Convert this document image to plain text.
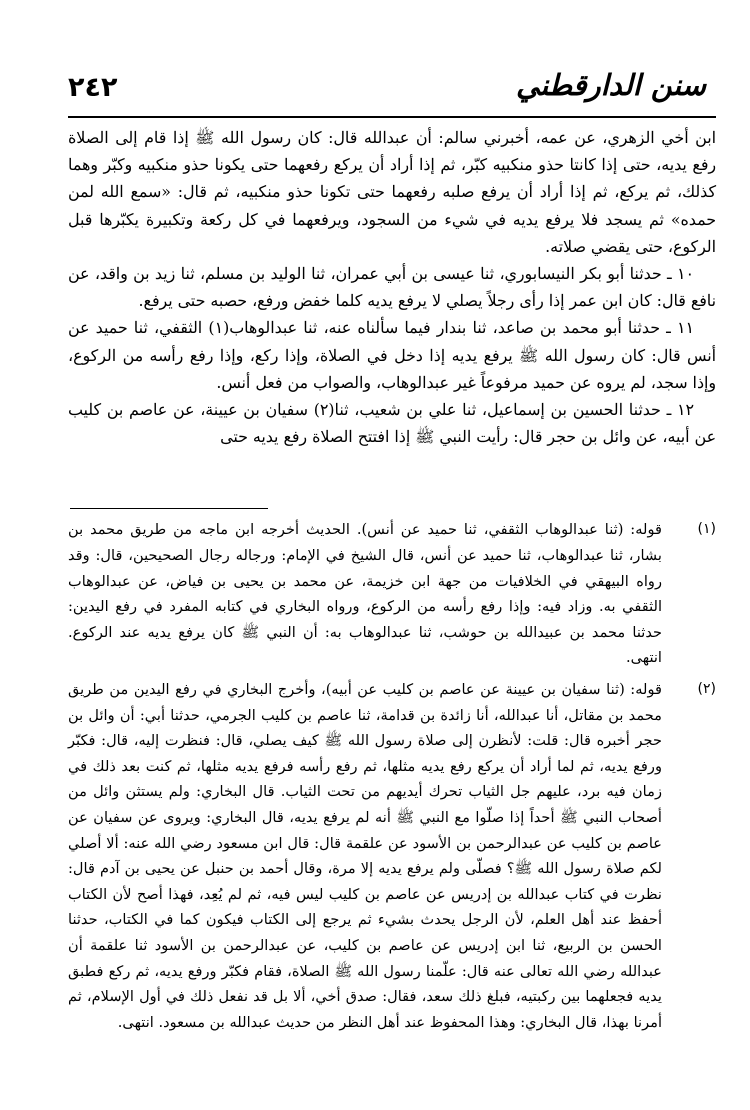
٢٤٢	سنن الدارقطني

ابن أخي الزهري، عن عمه، أخبرني سالم: أن عبدالله قال: كان رسول الله ﷺ إذا قام إلى الصلاة رفع يديه، حتى إذا كانتا حذو منكبيه كبّر، ثم إذا أراد أن يركع رفعهما حتى يكونا حذو منكبيه وكبّر وهما كذلك، ثم يركع، ثم إذا أراد أن يرفع صلبه رفعهما حتى تكونا حذو منكبيه، ثم قال: «سمع الله لمن حمده» ثم يسجد فلا يرفع يديه في شيء من السجود، ويرفعهما في كل ركعة وتكبيرة يكبّرها قبل الركوع، حتى يقضي صلاته.

١٠ ـ حدثنا أبو بكر النيسابوري، ثنا عيسى بن أبي عمران، ثنا الوليد بن مسلم، ثنا زيد بن واقد، عن نافع قال: كان ابن عمر إذا رأى رجلاً يصلي لا يرفع يديه كلما خفض ورفع، حصبه حتى يرفع.

١١ ـ حدثنا أبو محمد بن صاعد، ثنا بندار فيما سألناه عنه، ثنا عبدالوهاب(١) الثقفي، ثنا حميد عن أنس قال: كان رسول الله ﷺ يرفع يديه إذا دخل في الصلاة، وإذا ركع، وإذا رفع رأسه من الركوع، وإذا سجد، لم يروه عن حميد مرفوعاً غير عبدالوهاب، والصواب من فعل أنس.

١٢ ـ حدثنا الحسين بن إسماعيل، ثنا علي بن شعيب، ثنا(٢) سفيان بن عيينة، عن عاصم بن كليب عن أبيه، عن وائل بن حجر قال: رأيت النبي ﷺ إذا افتتح الصلاة رفع يديه حتى

(١)
قوله: (ثنا عبدالوهاب الثقفي، ثنا حميد عن أنس). الحديث أخرجه ابن ماجه من طريق محمد بن بشار، ثنا عبدالوهاب، ثنا حميد عن أنس، قال الشيخ في الإمام: ورجاله رجال الصحيحين، قال: وقد رواه البيهقي في الخلافيات من جهة ابن خزيمة، عن محمد بن يحيى بن فياض، عن عبدالوهاب الثقفي به. وزاد فيه: وإذا رفع رأسه من الركوع، ورواه البخاري في كتابه المفرد في رفع اليدين: حدثنا محمد بن عبيدالله بن حوشب، ثنا عبدالوهاب به: أن النبي ﷺ كان يرفع يديه عند الركوع. انتهى.
(٢)
قوله: (ثنا سفيان بن عيينة عن عاصم بن كليب عن أبيه)، وأخرج البخاري في رفع اليدين من طريق محمد بن مقاتل، أنا عبدالله، أنا زائدة بن قدامة، ثنا عاصم بن كليب الجرمي، حدثنا أبي: أن وائل بن حجر أخبره قال: قلت: لأنظرن إلى صلاة رسول الله ﷺ كيف يصلي، قال: فنظرت إليه، قال: فكبّر ورفع يديه، ثم لما أراد أن يركع رفع يديه مثلها، ثم رفع رأسه فرفع يديه مثلها، ثم كنت بعد ذلك في زمان فيه برد، عليهم جل الثياب تحرك أيديهم من تحت الثياب. قال البخاري: ولم يستثن وائل من أصحاب النبي ﷺ أحداً إذا صلّوا مع النبي ﷺ أنه لم يرفع يديه، قال البخاري: ويروى عن سفيان عن عاصم بن كليب عن عبدالرحمن بن الأسود عن علقمة قال: قال ابن مسعود رضي الله عنه: ألا أصلي لكم صلاة رسول الله ﷺ؟ فصلّى ولم يرفع يديه إلا مرة، وقال أحمد بن حنبل عن يحيى بن آدم قال: نظرت في كتاب عبدالله بن إدريس عن عاصم بن كليب ليس فيه، ثم لم يُعِد، فهذا أصح لأن الكتاب أحفظ عند أهل العلم، لأن الرجل يحدث بشيء ثم يرجع إلى الكتاب فيكون كما في الكتاب، حدثنا الحسن بن الربيع، ثنا ابن إدريس عن عاصم بن كليب، عن عبدالرحمن بن الأسود ثنا علقمة أن عبدالله رضي الله تعالى عنه قال: علّمنا رسول الله ﷺ الصلاة، فقام فكبّر ورفع يديه، ثم ركع فطبق يديه فجعلهما بين ركبتيه، فبلغ ذلك سعد، فقال: صدق أخي، ألا بل قد نفعل ذلك في أول الإسلام، ثم أمرنا بهذا، قال البخاري: وهذا المحفوظ عند أهل النظر من حديث عبدالله بن مسعود. انتهى.
